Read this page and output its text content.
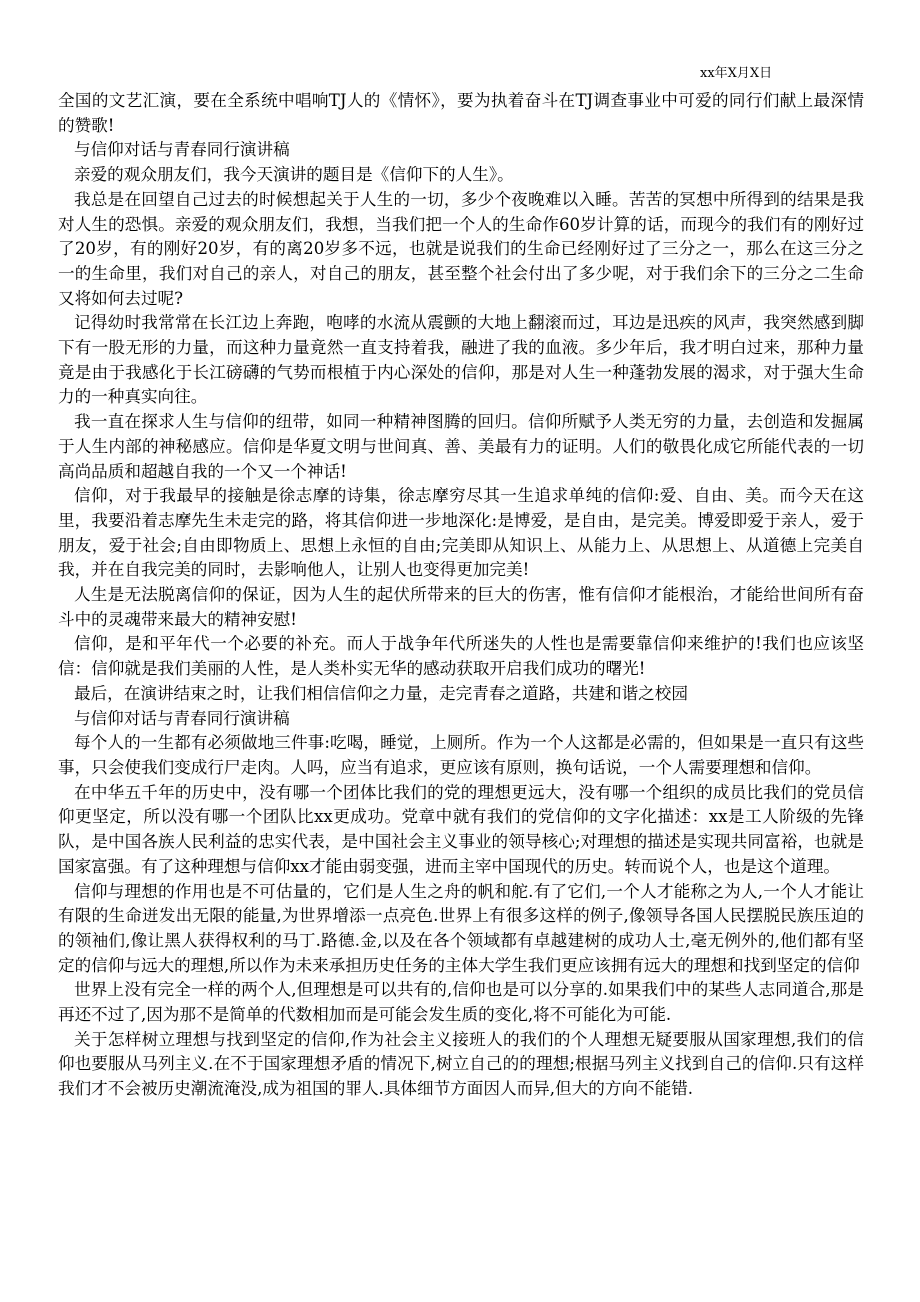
xx年X月X日

全国的文艺汇演，要在全系统中唱响TJ人的《情怀》，要为执着奋斗在TJ调查事业中可爱的同行们献上最深情的赞歌!

与信仰对话与青春同行演讲稿

亲爱的观众朋友们，我今天演讲的题目是《信仰下的人生》。

我总是在回望自己过去的时候想起关于人生的一切，多少个夜晚难以入睡。苦苦的冥想中所得到的结果是我对人生的恐惧。亲爱的观众朋友们，我想，当我们把一个人的生命作60岁计算的话，而现今的我们有的刚好过了20岁，有的刚好20岁，有的离20岁多不远，也就是说我们的生命已经刚好过了三分之一，那么在这三分之一的生命里，我们对自己的亲人，对自己的朋友，甚至整个社会付出了多少呢，对于我们余下的三分之二生命又将如何去过呢?

记得幼时我常常在长江边上奔跑，咆哮的水流从震颤的大地上翻滚而过，耳边是迅疾的风声，我突然感到脚下有一股无形的力量，而这种力量竟然一直支持着我，融进了我的血液。多少年后，我才明白过来，那种力量竟是由于我感化于长江磅礴的气势而根植于内心深处的信仰，那是对人生一种蓬勃发展的渴求，对于强大生命力的一种真实向往。

我一直在探求人生与信仰的纽带，如同一种精神图腾的回归。信仰所赋予人类无穷的力量，去创造和发掘属于人生内部的神秘感应。信仰是华夏文明与世间真、善、美最有力的证明。人们的敬畏化成它所能代表的一切高尚品质和超越自我的一个又一个神话!

信仰，对于我最早的接触是徐志摩的诗集，徐志摩穷尽其一生追求单纯的信仰:爱、自由、美。而今天在这里，我要沿着志摩先生未走完的路，将其信仰进一步地深化:是博爱，是自由，是完美。博爱即爱于亲人，爱于朋友，爱于社会;自由即物质上、思想上永恒的自由;完美即从知识上、从能力上、从思想上、从道德上完美自我，并在自我完美的同时，去影响他人，让别人也变得更加完美!

人生是无法脱离信仰的保证，因为人生的起伏所带来的巨大的伤害，惟有信仰才能根治，才能给世间所有奋斗中的灵魂带来最大的精神安慰!

信仰，是和平年代一个必要的补充。而人于战争年代所迷失的人性也是需要靠信仰来维护的!我们也应该坚信：信仰就是我们美丽的人性，是人类朴实无华的感动获取开启我们成功的曙光!

最后，在演讲结束之时，让我们相信信仰之力量，走完青春之道路，共建和谐之校园

与信仰对话与青春同行演讲稿

每个人的一生都有必须做地三件事:吃喝，睡觉，上厕所。作为一个人这都是必需的，但如果是一直只有这些事，只会使我们变成行尸走肉。人吗，应当有追求，更应该有原则，换句话说，一个人需要理想和信仰。

在中华五千年的历史中，没有哪一个团体比我们的党的理想更远大，没有哪一个组织的成员比我们的党员信仰更坚定，所以没有哪一个团队比xx更成功。党章中就有我们的党信仰的文字化描述：xx是工人阶级的先锋队，是中国各族人民利益的忠实代表，是中国社会主义事业的领导核心;对理想的描述是实现共同富裕，也就是国家富强。有了这种理想与信仰xx才能由弱变强，进而主宰中国现代的历史。转而说个人，也是这个道理。

信仰与理想的作用也是不可估量的，它们是人生之舟的帆和舵.有了它们,一个人才能称之为人,一个人才能让有限的生命迸发出无限的能量,为世界增添一点亮色.世界上有很多这样的例子,像领导各国人民摆脱民族压迫的的领袖们,像让黑人获得权利的马丁.路德.金,以及在各个领域都有卓越建树的成功人士,毫无例外的,他们都有坚定的信仰与远大的理想,所以作为未来承担历史任务的主体大学生我们更应该拥有远大的理想和找到坚定的信仰

世界上没有完全一样的两个人,但理想是可以共有的,信仰也是可以分享的.如果我们中的某些人志同道合,那是再还不过了,因为那不是简单的代数相加而是可能会发生质的变化,将不可能化为可能.

关于怎样树立理想与找到坚定的信仰,作为社会主义接班人的我们的个人理想无疑要服从国家理想,我们的信仰也要服从马列主义.在不于国家理想矛盾的情况下,树立自己的的理想;根据马列主义找到自己的信仰.只有这样我们才不会被历史潮流淹没,成为祖国的罪人.具体细节方面因人而异,但大的方向不能错.
